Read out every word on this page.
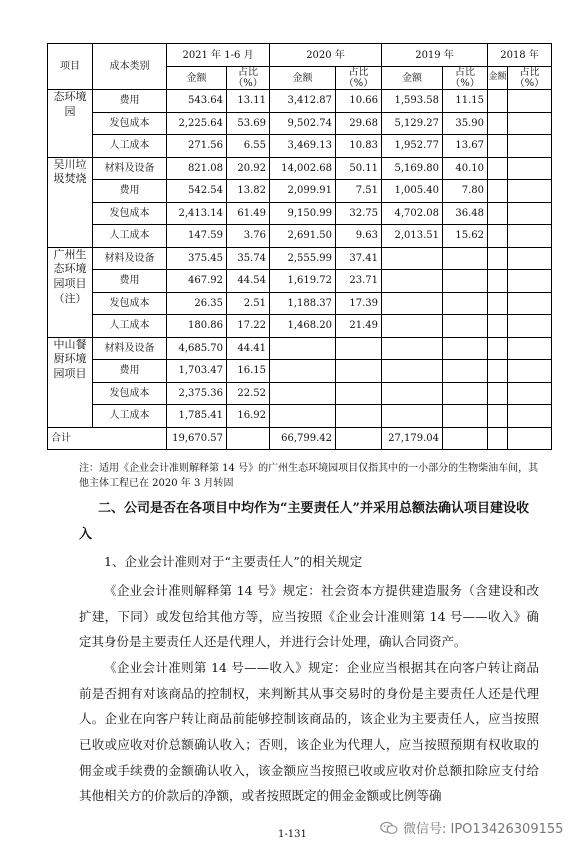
项目	成本类别	2021 年 1-6 月		2020 年		2019 年		2018 年	
		金额	占比（%）	金额	占比（%）	金额	占比（%）	金额	占比（%）
态环境园	费用	543.64	13.11	3,412.87	10.66	1,593.58	11.15		
	发包成本	2,225.64	53.69	9,502.74	29.68	5,129.27	35.90		
	人工成本	271.56	6.55	3,469.13	10.83	1,952.77	13.67		
吴川垃圾焚烧	材料及设备	821.08	20.92	14,002.68	50.11	5,169.80	40.10		
	费用	542.54	13.82	2,099.91	7.51	1,005.40	7.80		
	发包成本	2,413.14	61.49	9,150.99	32.75	4,702.08	36.48		
	人工成本	147.59	3.76	2,691.50	9.63	2,013.51	15.62		
广州生态环境园项目（注）	材料及设备	375.45	35.74	2,555.99	37.41				
	费用	467.92	44.54	1,619.72	23.71				
	发包成本	26.35	2.51	1,188.37	17.39				
	人工成本	180.86	17.22	1,468.20	21.49				
中山餐厨环境园项目	材料及设备	4,685.70	44.41						
	费用	1,703.47	16.15						
	发包成本	2,375.36	22.52						
	人工成本	1,785.41	16.92						
合计		19,670.57		66,799.42		27,179.04			
注：适用《企业会计准则解释第 14 号》的广州生态环境园项目仅指其中的一小部分的生物柴油车间，其他主体工程已在 2020 年 3 月转固
二、公司是否在各项目中均作为“主要责任人”并采用总额法确认项目建设收入
1、企业会计准则对于“主要责任人”的相关规定
《企业会计准则解释第 14 号》规定：社会资本方提供建造服务（含建设和改扩建，下同）或发包给其他方等，应当按照《企业会计准则第 14 号——收入》确定其身份是主要责任人还是代理人，并进行会计处理，确认合同资产。
《企业会计准则第 14 号——收入》规定：企业应当根据其在向客户转让商品前是否拥有对该商品的控制权，来判断其从事交易时的身份是主要责任人还是代理人。企业在向客户转让商品前能够控制该商品的，该企业为主要责任人，应当按照已收或应收对价总额确认收入；否则，该企业为代理人，应当按照预期有权收取的佣金或手续费的金额确认收入，该金额应当按照已收或应收对价总额扣除应支付给其他相关方的价款后的净额，或者按照既定的佣金金额或比例等确
1-131	微信号: IPO13426309155
